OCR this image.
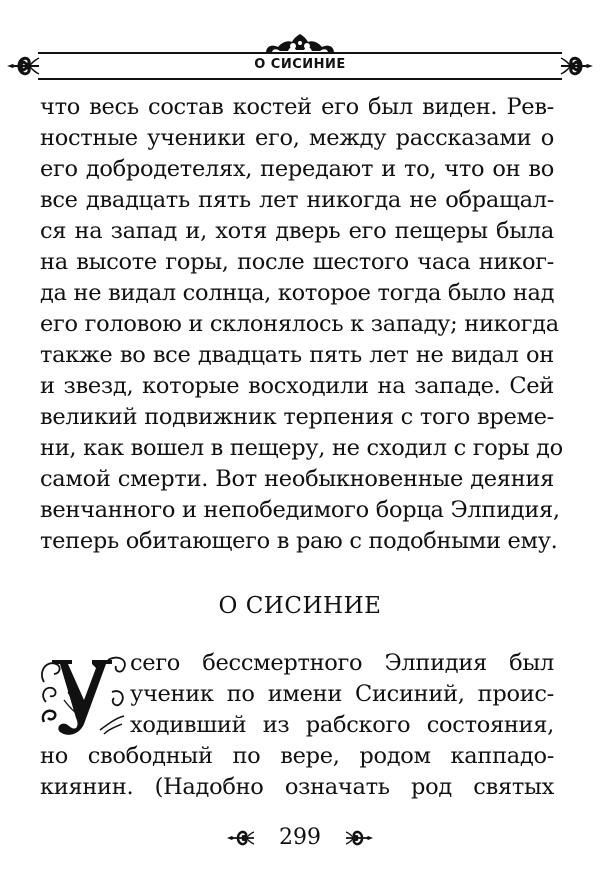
О СИСИНИЕ
что весь состав костей его был виден. Рев-
ностные ученики его, между рассказами о
его добродетелях, передают и то, что он во
все двадцать пять лет никогда не обращал-
ся на запад и, хотя дверь его пещеры была
на высоте горы, после шестого часа никог-
да не видал солнца, которое тогда было над
его головою и склонялось к западу; никогда
также во все двадцать пять лет не видал он
и звезд, которые восходили на западе. Сей
великий подвижник терпения с того време-
ни, как вошел в пещеру, не сходил с горы до
самой смерти. Вот необыкновенные деяния
венчанного и непобедимого борца Элпидия,
теперь обитающего в раю с подобными ему.
О СИСИНИЕ
сего бессмертного Элпидия был
ученик по имени Сисиний, проис-
ходивший из рабского состояния,
но свободный по вере, родом каппадо-
киянин. (Надобно означать род святых
299
